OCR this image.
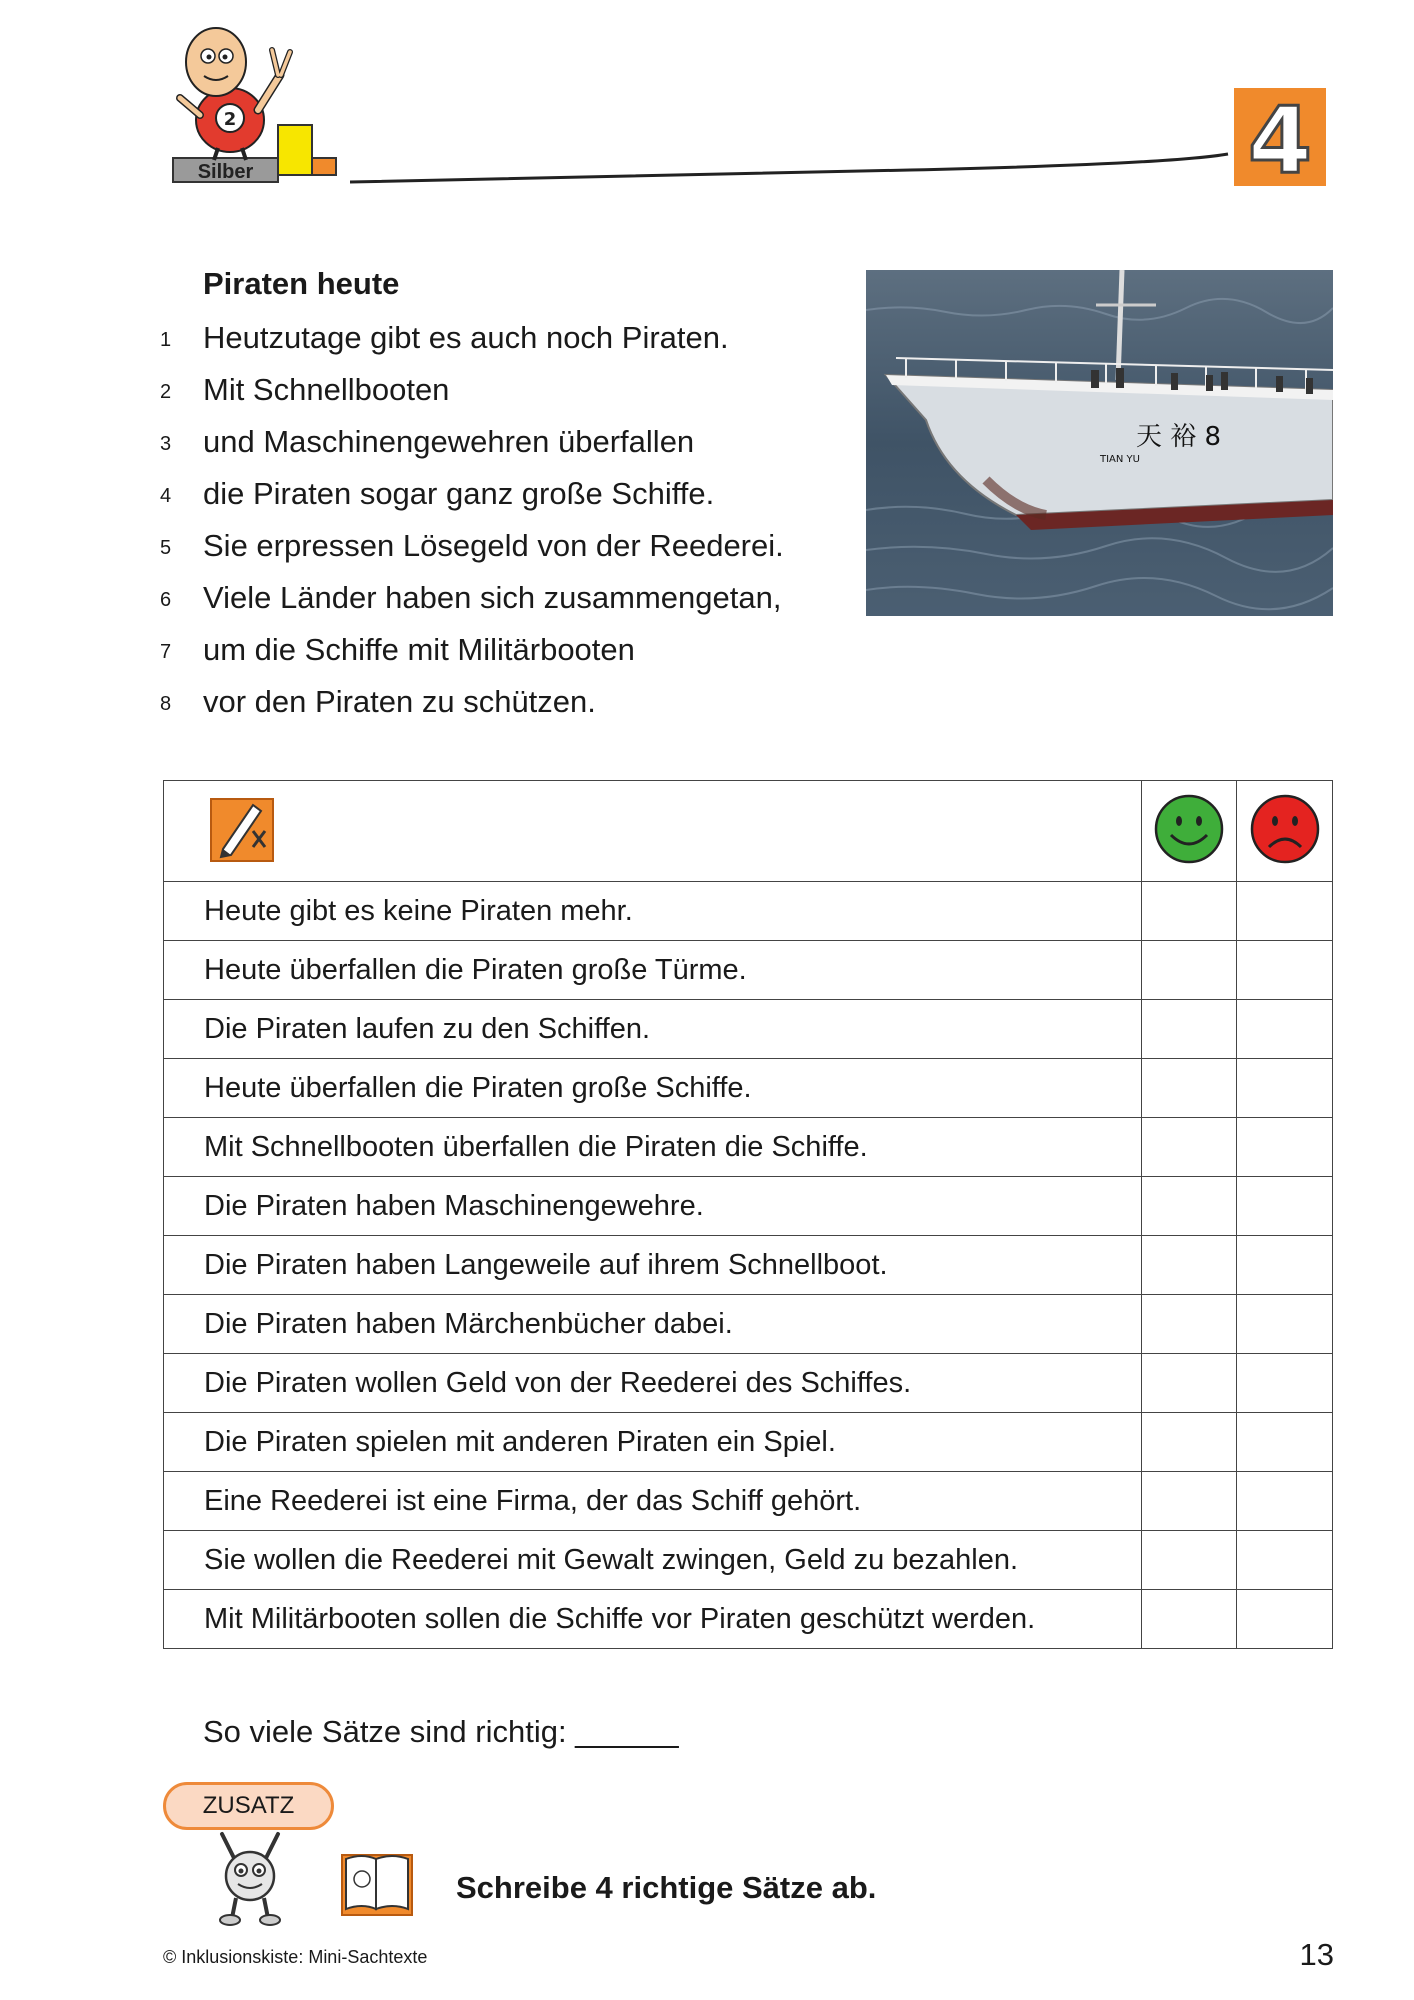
2
Silber	4
Piraten heute
1 Heutzutage gibt es auch noch Piraten.
2 Mit Schnellbooten
3 und Maschinengewehren überfallen
4 die Piraten sogar ganz große Schiffe.
5 Sie erpressen Lösegeld von der Reederei.
6 Viele Länder haben sich zusammengetan,
7 um die Schiffe mit Militärbooten
8 vor den Piraten zu schützen.
天 裕 8
TIAN YU

Heute gibt es keine Piraten mehr.		
Heute überfallen die Piraten große Türme.		
Die Piraten laufen zu den Schiffen.		
Heute überfallen die Piraten große Schiffe.		
Mit Schnellbooten überfallen die Piraten die Schiffe.		
Die Piraten haben Maschinengewehre.		
Die Piraten haben Langeweile auf ihrem Schnellboot.		
Die Piraten haben Märchenbücher dabei.		
Die Piraten wollen Geld von der Reederei des Schiffes.		
Die Piraten spielen mit anderen Piraten ein Spiel.		
Eine Reederei ist eine Firma, der das Schiff gehört.		
Sie wollen die Reederei mit Gewalt zwingen, Geld zu bezahlen.		
Mit Militärbooten sollen die Schiffe vor Piraten geschützt werden.		
So viele Sätze sind richtig: ______
ZUSATZ
Schreibe 4 richtige Sätze ab.
© Inklusionskiste: Mini-Sachtexte	13
